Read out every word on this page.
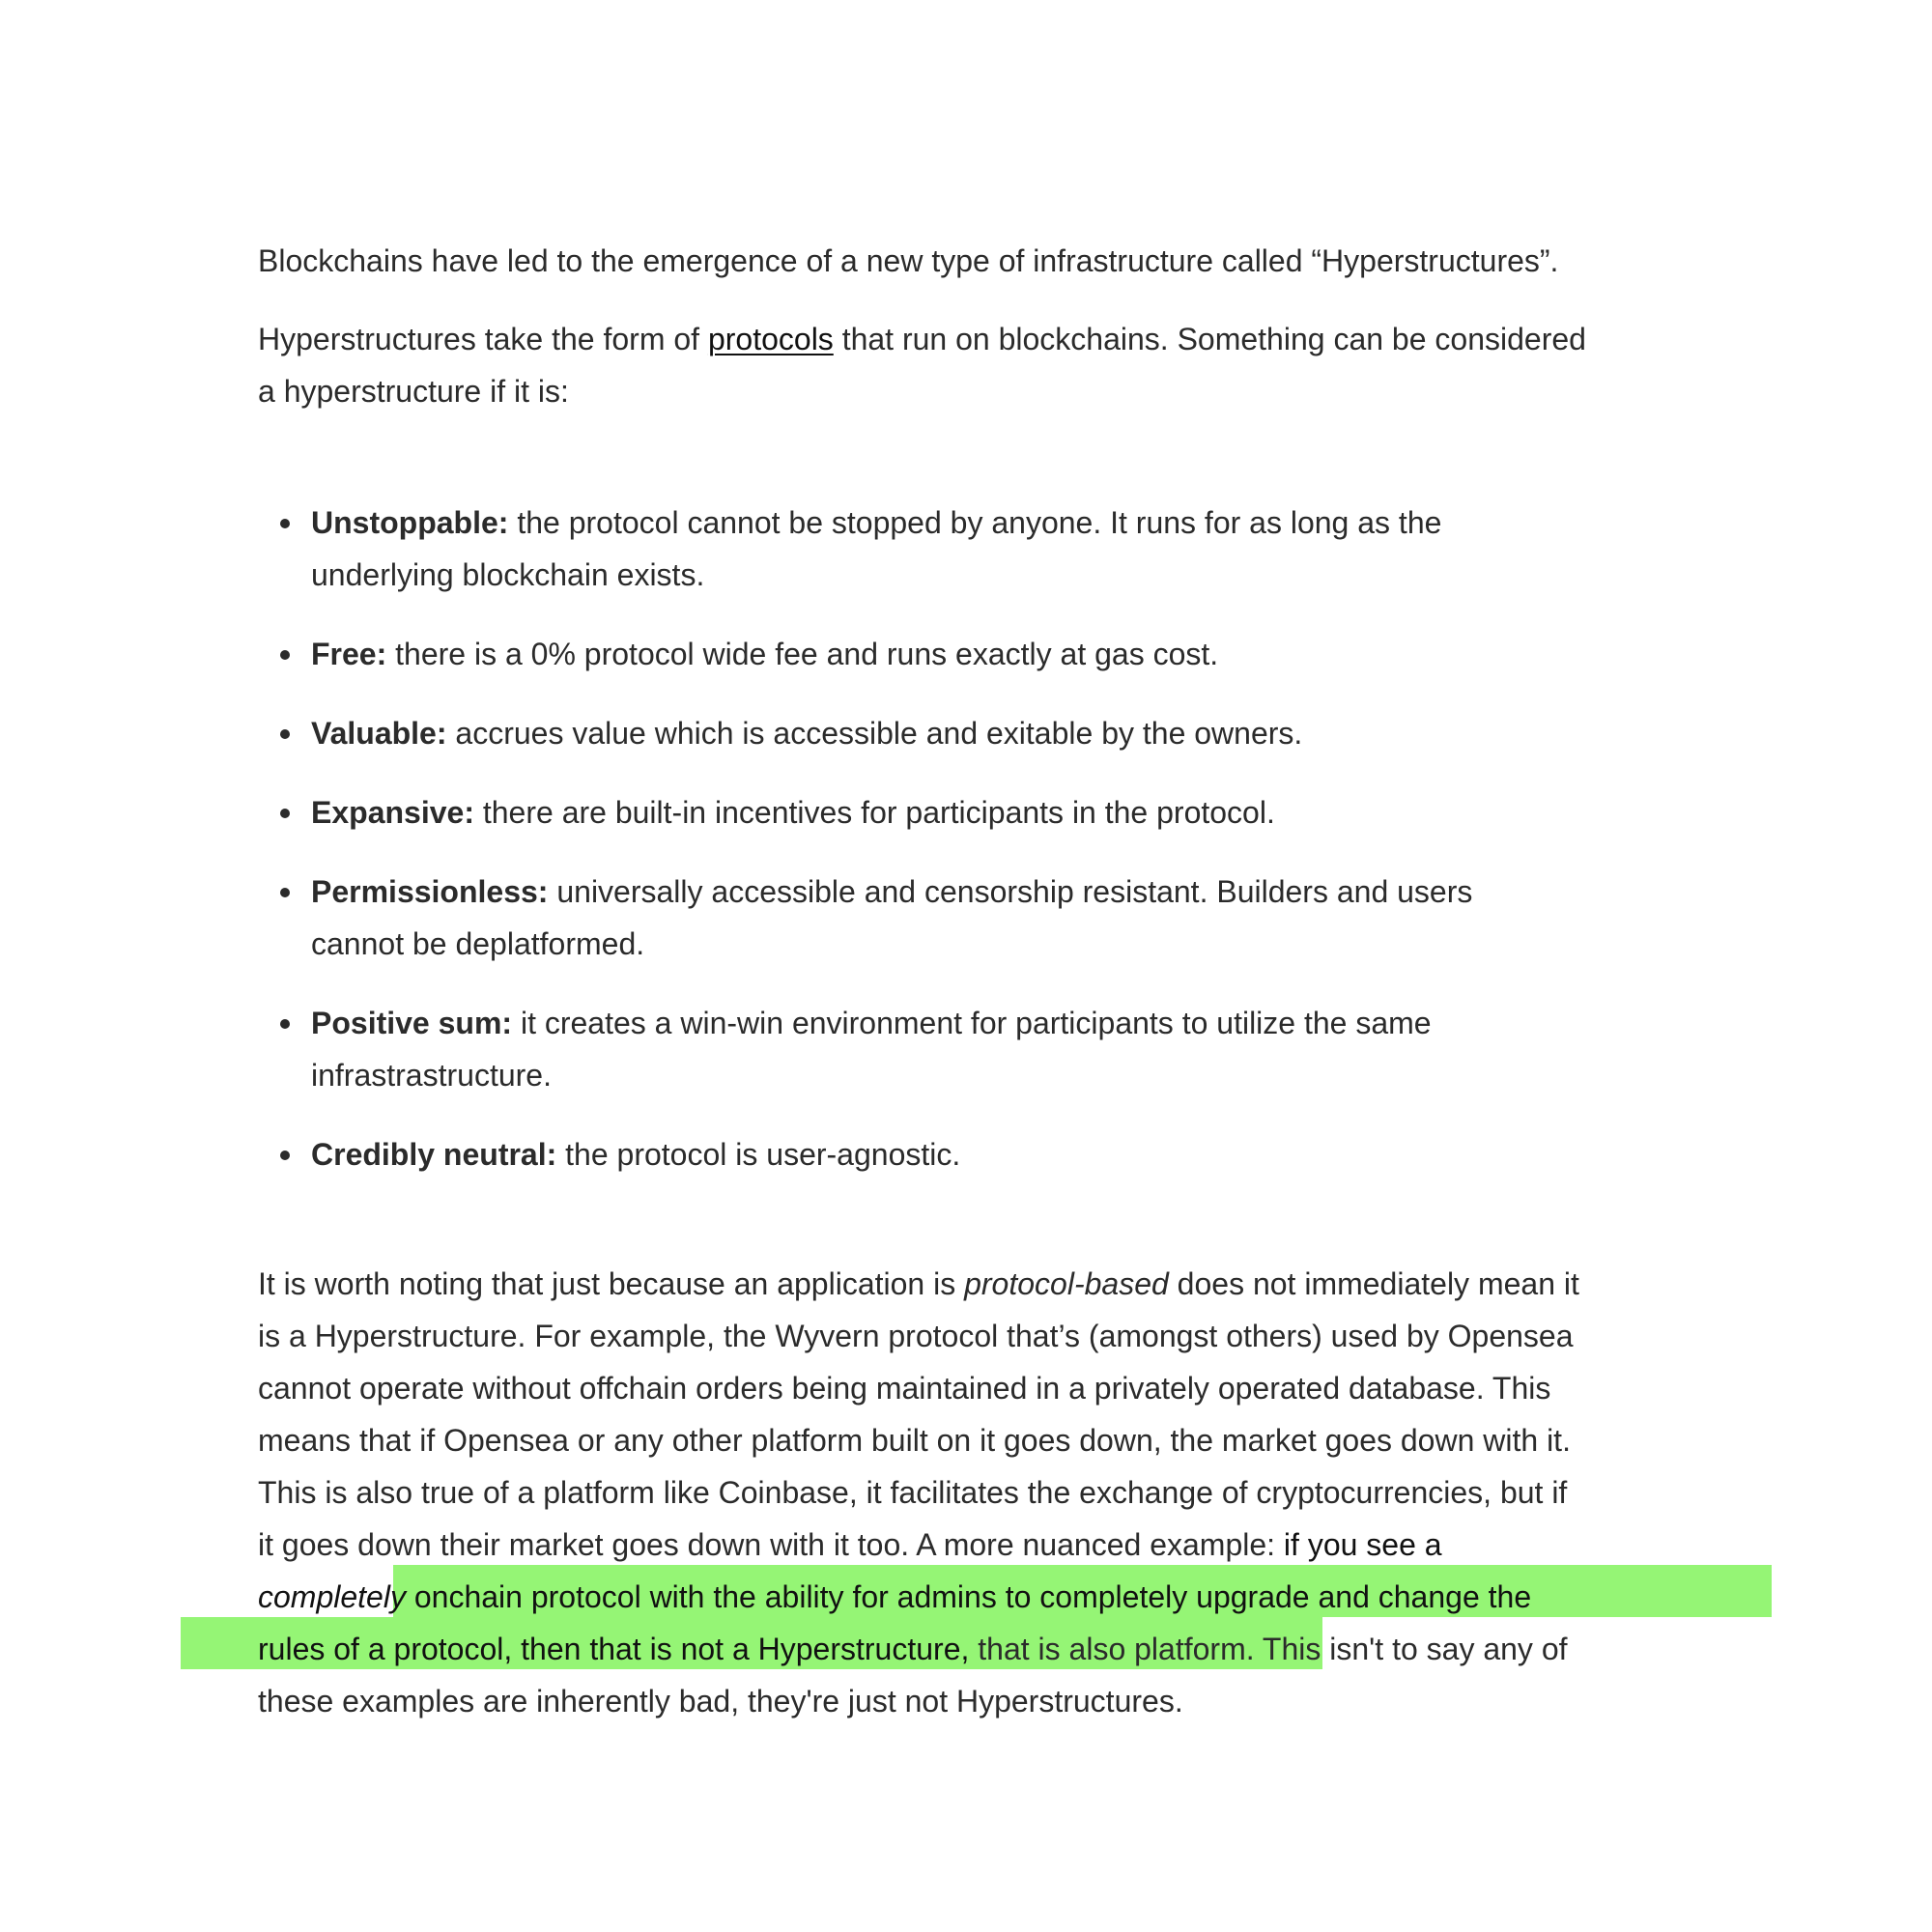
Blockchains have led to the emergence of a new type of infrastructure called “Hyperstructures”.

Hyperstructures take the form of protocols that run on blockchains. Something can be considered a hyperstructure if it is:

Unstoppable: the protocol cannot be stopped by anyone. It runs for as long as the underlying blockchain exists.
Free: there is a 0% protocol wide fee and runs exactly at gas cost.
Valuable: accrues value which is accessible and exitable by the owners.
Expansive: there are built-in incentives for participants in the protocol.
Permissionless: universally accessible and censorship resistant. Builders and users cannot be deplatformed.
Positive sum: it creates a win-win environment for participants to utilize the same infrastrastructure.
Credibly neutral: the protocol is user-agnostic.

It is worth noting that just because an application is protocol-based does not immediately mean it is a Hyperstructure. For example, the Wyvern protocol that’s (amongst others) used by Opensea cannot operate without offchain orders being maintained in a privately operated database. This means that if Opensea or any other platform built on it goes down, the market goes down with it. This is also true of a platform like Coinbase, it facilitates the exchange of cryptocurrencies, but if it goes down their market goes down with it too. A more nuanced example: if you see a completely onchain protocol with the ability for admins to completely upgrade and change the rules of a protocol, then that is not a Hyperstructure, that is also platform. This isn't to say any of these examples are inherently bad, they're just not Hyperstructures.
